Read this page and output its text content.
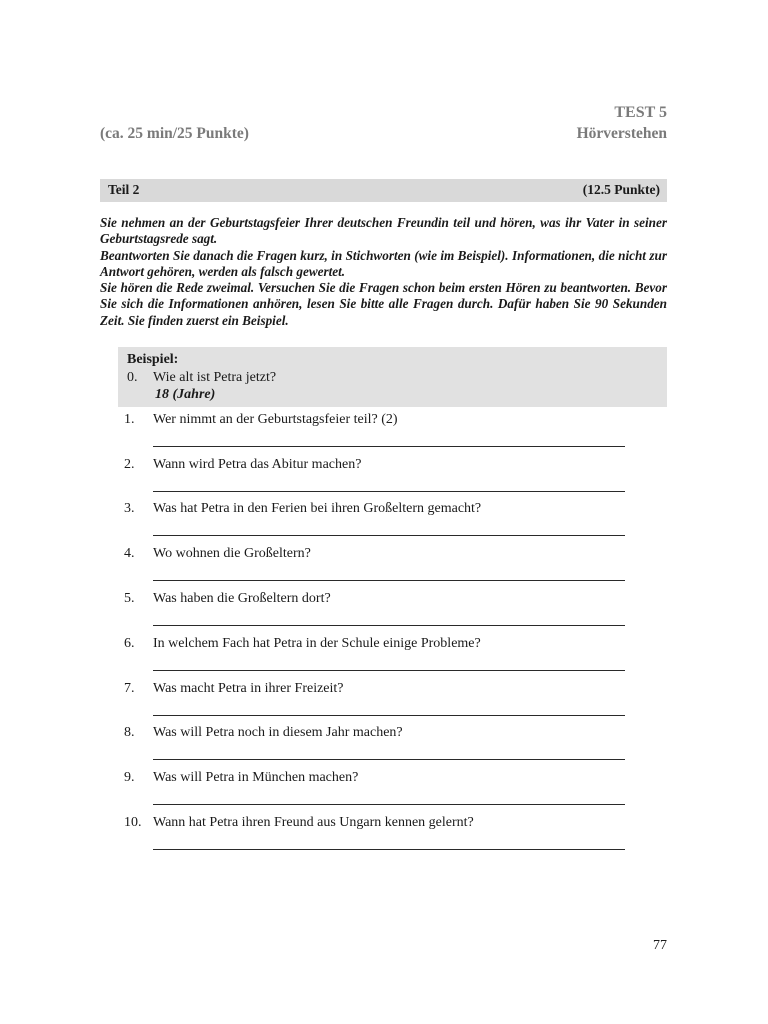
TEST 5
(ca. 25 min/25 Punkte)	Hörverstehen
Teil 2	(12.5 Punkte)

Sie nehmen an der Geburtstagsfeier Ihrer deutschen Freundin teil und hören, was ihr Vater in seiner Geburtstagsrede sagt.

Beantworten Sie danach die Fragen kurz, in Stichworten (wie im Beispiel). Informationen, die nicht zur Antwort gehören, werden als falsch gewertet.

Sie hören die Rede zweimal. Versuchen Sie die Fragen schon beim ersten Hören zu beantworten. Bevor Sie sich die Informationen anhören, lesen Sie bitte alle Fragen durch. Dafür haben Sie 90 Sekunden Zeit. Sie finden zuerst ein Beispiel.

Beispiel:
0. Wie alt ist Petra jetzt?
18 (Jahre)
1. Wer nimmt an der Geburtstagsfeier teil? (2)
2. Wann wird Petra das Abitur machen?
3. Was hat Petra in den Ferien bei ihren Großeltern gemacht?
4. Wo wohnen die Großeltern?
5. Was haben die Großeltern dort?
6. In welchem Fach hat Petra in der Schule einige Probleme?
7. Was macht Petra in ihrer Freizeit?
8. Was will Petra noch in diesem Jahr machen?
9. Was will Petra in München machen?
10. Wann hat Petra ihren Freund aus Ungarn kennen gelernt?
77
